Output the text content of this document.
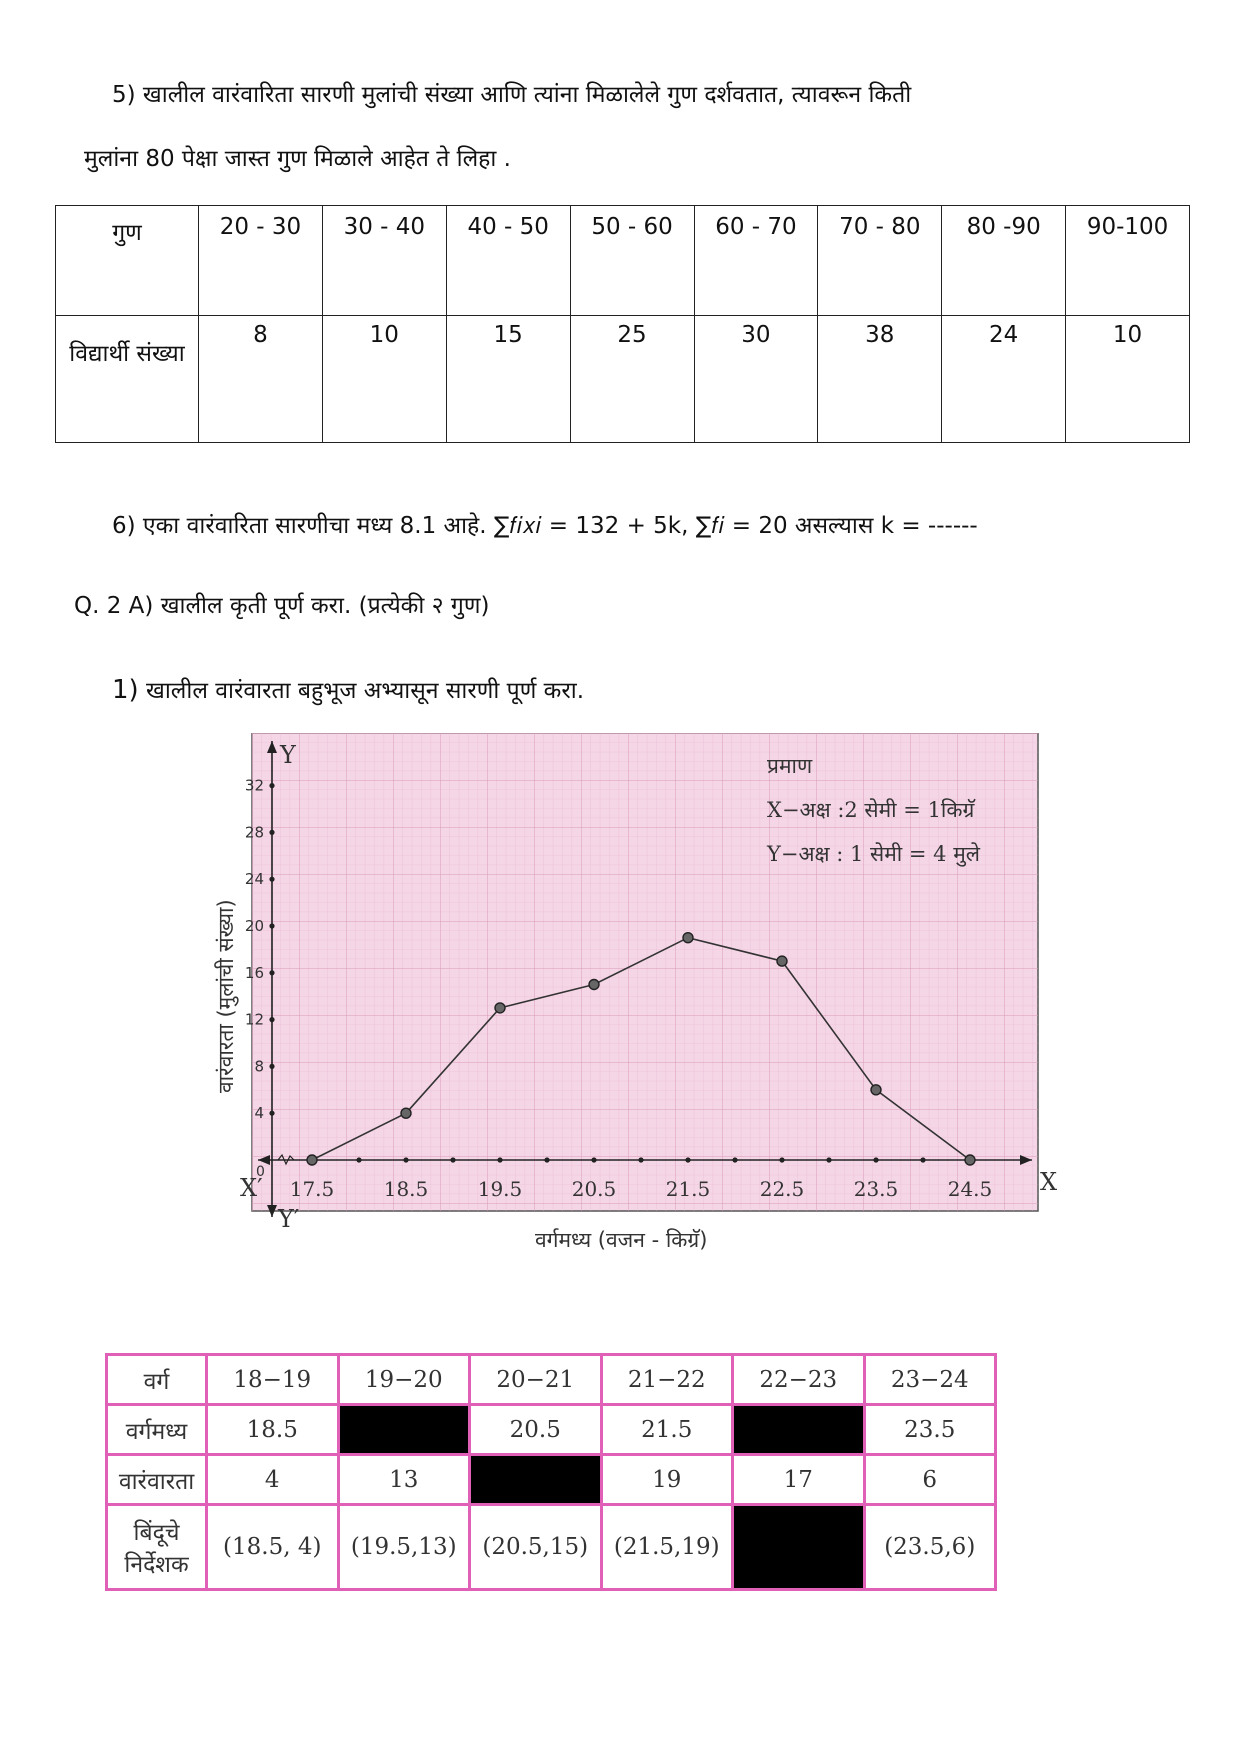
5) खालील वारंवारिता सारणी मुलांची संख्या आणि त्यांना मिळालेले गुण दर्शवतात, त्यावरून किती
मुलांना 80 पेक्षा जास्त गुण मिळाले आहेत ते लिहा .
गुण	20 - 30	30 - 40	40 - 50	50 - 60	60 - 70	70 - 80	80 -90	90-100
विद्यार्थी संख्या	8	10	15	25	30	38	24	10
6) एका वारंवारिता सारणीचा मध्य 8.1 आहे. ∑𝑓𝑖𝑥𝑖 = 132 + 5k, ∑𝑓𝑖 = 20 असल्यास k = ------
Q. 2 A) खालील कृती पूर्ण करा. (प्रत्येकी २ गुण)
1) खालील वारंवारता बहुभूज अभ्यासून सारणी पूर्ण करा.
Y
X
X′
Y′
0
4
8
12
16
20
24
28
32
17.5 18.5 19.5 20.5 21.5 22.5 23.5 24.5
प्रमाण
X−अक्ष :2 सेमी = 1किग्रॅ
Y−अक्ष : 1 सेमी = 4 मुले
वारंवारता (मुलांची संख्या)
वर्गमध्य (वजन - किग्रॅ)
वर्ग	18−19	19−20	20−21	21−22	22−23	23−24
वर्गमध्य	18.5		20.5	21.5		23.5
वारंवारता	4	13		19	17	6
बिंदूचे
निर्देशक	(18.5, 4)	(19.5,13)	(20.5,15)	(21.5,19)		(23.5,6)
